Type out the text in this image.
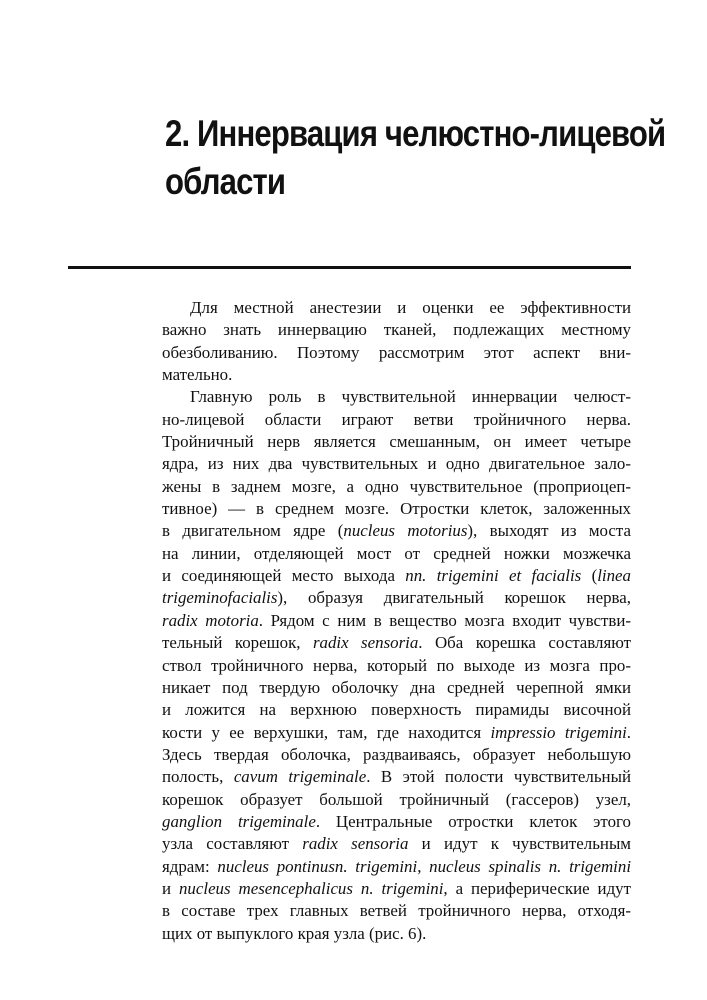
2. Иннервация челюстно-лицевой
области

Для местной анестезии и оценки ее эффективности
важно знать иннервацию тканей, подлежащих местному
обезболиванию. Поэтому рассмотрим этот аспект вни-
мательно.

Главную роль в чувствительной иннервации челюст-
но-лицевой области играют ветви тройничного нерва.
Тройничный нерв является смешанным, он имеет четыре
ядра, из них два чувствительных и одно двигательное зало-
жены в заднем мозге, а одно чувствительное (проприоцеп-
тивное) — в среднем мозге. Отростки клеток, заложенных
в двигательном ядре (nucleus motorius), выходят из моста
на линии, отделяющей мост от средней ножки мозжечка
и соединяющей место выхода nn. trigemini et facialis (linea
trigeminofacialis), образуя двигательный корешок нерва,
radix motoria. Рядом с ним в вещество мозга входит чувстви-
тельный корешок, radix sensoria. Оба корешка составляют
ствол тройничного нерва, который по выходе из мозга про-
никает под твердую оболочку дна средней черепной ямки
и ложится на верхнюю поверхность пирамиды височной
кости у ее верхушки, там, где находится impressio trigemini.
Здесь твердая оболочка, раздваиваясь, образует небольшую
полость, cavum trigeminale. В этой полости чувствительный
корешок образует большой тройничный (гассеров) узел,
ganglion trigeminale. Центральные отростки клеток этого
узла составляют radix sensoria и идут к чувствительным
ядрам: nucleus pontinusn. trigemini, nucleus spinalis n. trigemini
и nucleus mesencephalicus n. trigemini, а периферические идут
в составе трех главных ветвей тройничного нерва, отходя-
щих от выпуклого края узла (рис. 6).
